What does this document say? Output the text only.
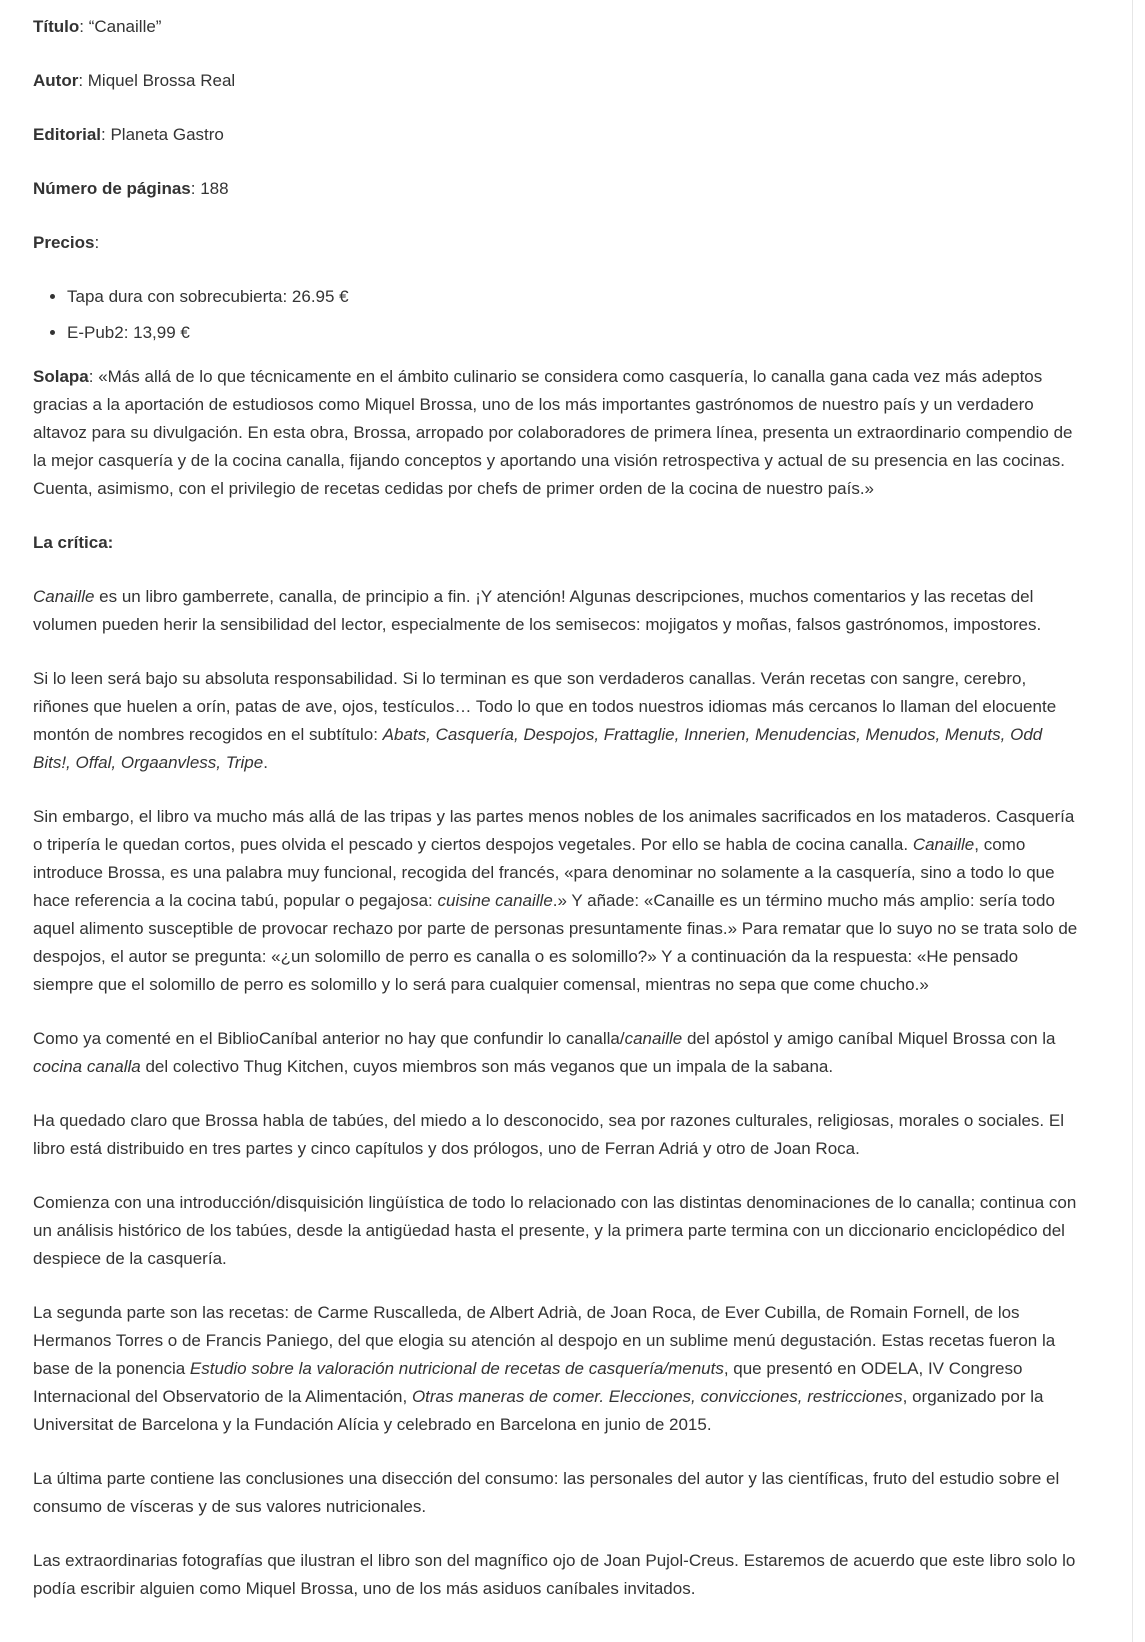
Título: “Canaille”

Autor: Miquel Brossa Real

Editorial: Planeta Gastro

Número de páginas: 188

Precios:

• Tapa dura con sobrecubierta: 26.95 €
• E-Pub2: 13,99 €

Solapa: «Más allá de lo que técnicamente en el ámbito culinario se considera como casquería, lo canalla gana cada vez más adeptos gracias a la aportación de estudiosos como Miquel Brossa, uno de los más importantes gastrónomos de nuestro país y un verdadero altavoz para su divulgación. En esta obra, Brossa, arropado por colaboradores de primera línea, presenta un extraordinario compendio de la mejor casquería y de la cocina canalla, fijando conceptos y aportando una visión retrospectiva y actual de su presencia en las cocinas. Cuenta, asimismo, con el privilegio de recetas cedidas por chefs de primer orden de la cocina de nuestro país.»

La crítica:

Canaille es un libro gamberrete, canalla, de principio a fin. ¡Y atención! Algunas descripciones, muchos comentarios y las recetas del volumen pueden herir la sensibilidad del lector, especialmente de los semisecos: mojigatos y moñas, falsos gastrónomos, impostores.

Si lo leen será bajo su absoluta responsabilidad. Si lo terminan es que son verdaderos canallas. Verán recetas con sangre, cerebro, riñones que huelen a orín, patas de ave, ojos, testículos… Todo lo que en todos nuestros idiomas más cercanos lo llaman del elocuente montón de nombres recogidos en el subtítulo: Abats, Casquería, Despojos, Frattaglie, Innerien, Menudencias, Menudos, Menuts, Odd Bits!, Offal, Orgaanvless, Tripe.

Sin embargo, el libro va mucho más allá de las tripas y las partes menos nobles de los animales sacrificados en los mataderos. Casquería o tripería le quedan cortos, pues olvida el pescado y ciertos despojos vegetales. Por ello se habla de cocina canalla. Canaille, como introduce Brossa, es una palabra muy funcional, recogida del francés, «para denominar no solamente a la casquería, sino a todo lo que hace referencia a la cocina tabú, popular o pegajosa: cuisine canaille.» Y añade: «Canaille es un término mucho más amplio: sería todo aquel alimento susceptible de provocar rechazo por parte de personas presuntamente finas.» Para rematar que lo suyo no se trata solo de despojos, el autor se pregunta: «¿un solomillo de perro es canalla o es solomillo?» Y a continuación da la respuesta: «He pensado siempre que el solomillo de perro es solomillo y lo será para cualquier comensal, mientras no sepa que come chucho.»

Como ya comenté en el BiblioCaníbal anterior no hay que confundir lo canalla/canaille del apóstol y amigo caníbal Miquel Brossa con la cocina canalla del colectivo Thug Kitchen, cuyos miembros son más veganos que un impala de la sabana.

Ha quedado claro que Brossa habla de tabúes, del miedo a lo desconocido, sea por razones culturales, religiosas, morales o sociales. El libro está distribuido en tres partes y cinco capítulos y dos prólogos, uno de Ferran Adriá y otro de Joan Roca.

Comienza con una introducción/disquisición lingüística de todo lo relacionado con las distintas denominaciones de lo canalla; continua con un análisis histórico de los tabúes, desde la antigüedad hasta el presente, y la primera parte termina con un diccionario enciclopédico del despiece de la casquería.

La segunda parte son las recetas: de Carme Ruscalleda, de Albert Adrià, de Joan Roca, de Ever Cubilla, de Romain Fornell, de los Hermanos Torres o de Francis Paniego, del que elogia su atención al despojo en un sublime menú degustación. Estas recetas fueron la base de la ponencia Estudio sobre la valoración nutricional de recetas de casquería/menuts, que presentó en ODELA, IV Congreso Internacional del Observatorio de la Alimentación, Otras maneras de comer. Elecciones, convicciones, restricciones, organizado por la Universitat de Barcelona y la Fundación Alícia y celebrado en Barcelona en junio de 2015.

La última parte contiene las conclusiones una disección del consumo: las personales del autor y las científicas, fruto del estudio sobre el consumo de vísceras y de sus valores nutricionales.

Las extraordinarias fotografías que ilustran el libro son del magnífico ojo de Joan Pujol-Creus. Estaremos de acuerdo que este libro solo lo podía escribir alguien como Miquel Brossa, uno de los más asiduos caníbales invitados.
